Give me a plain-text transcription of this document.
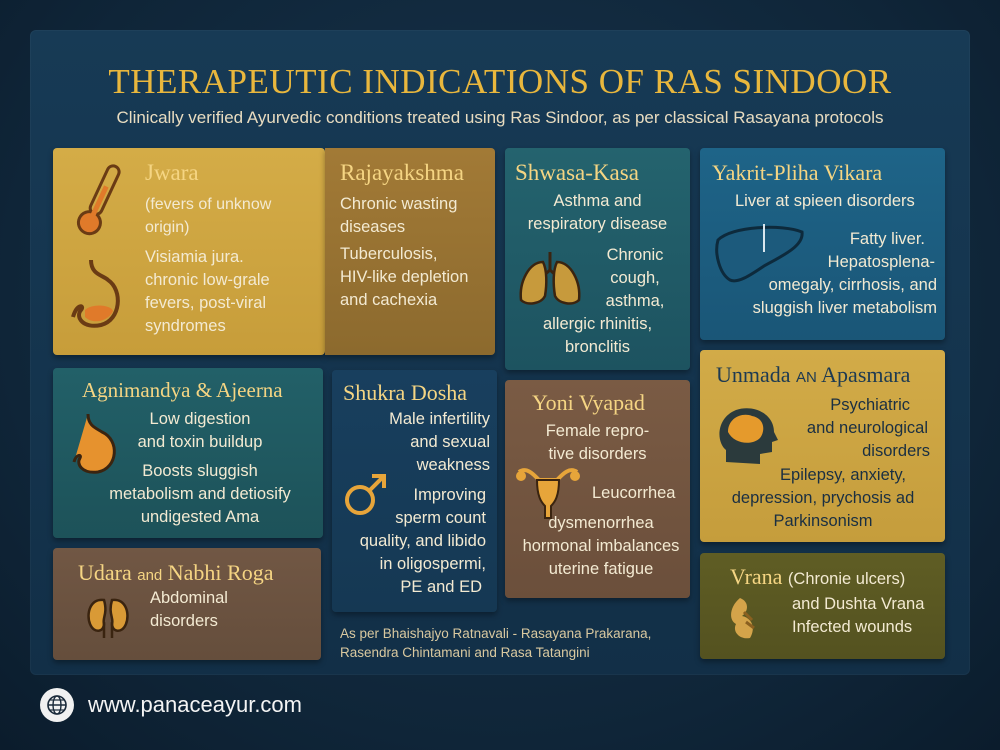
THERAPEUTIC INDICATIONS OF RAS SINDOOR
Clinically verified Ayurvedic conditions treated using Ras Sindoor, as per classical Rasayana protocols
Jwara
(fevers of unknow
origin)
Visiamia jura.
chronic low-grale
fevers, post-viral
syndromes
Rajayakshma
Chronic wasting
diseases
Tuberculosis,
HIV-like depletion
and cachexia
Shwasa-Kasa
Asthma and
respiratory disease
Chronic
cough,
asthma,
allergic rhinitis,
bronclitis
Yakrit-Pliha Vikara
Liver at spieen disorders
Fatty liver.
Hepatosplena-
omegaly, cirrhosis, and
sluggish liver metabolism
Agnimandya & Ajeerna
Low digestion
and toxin buildup
Boosts sluggish
metabolism and detiosify
undigested Ama
Shukra Dosha
Male infertility
and sexual
weakness
Improving
sperm count
quality, and libido
in oligospermi,
PE and ED
Yoni Vyapad
Female repro-
tive disorders
Leucorrhea
dysmenorrhea
hormonal imbalances
uterine fatigue
Unmada AN Apasmara
Psychiatric
and neurological
disorders
Epilepsy, anxiety,
depression, prychosis ad
Parkinsonism
Udara and Nabhi Roga
Abdominal
disorders
As per Bhaishajyo Ratnavali - Rasayana Prakarana,
Rasendra Chintamani and Rasa Tatangini
Vrana (Chronie ulcers)
and Dushta Vrana
Infected wounds
www.panaceayur.com
